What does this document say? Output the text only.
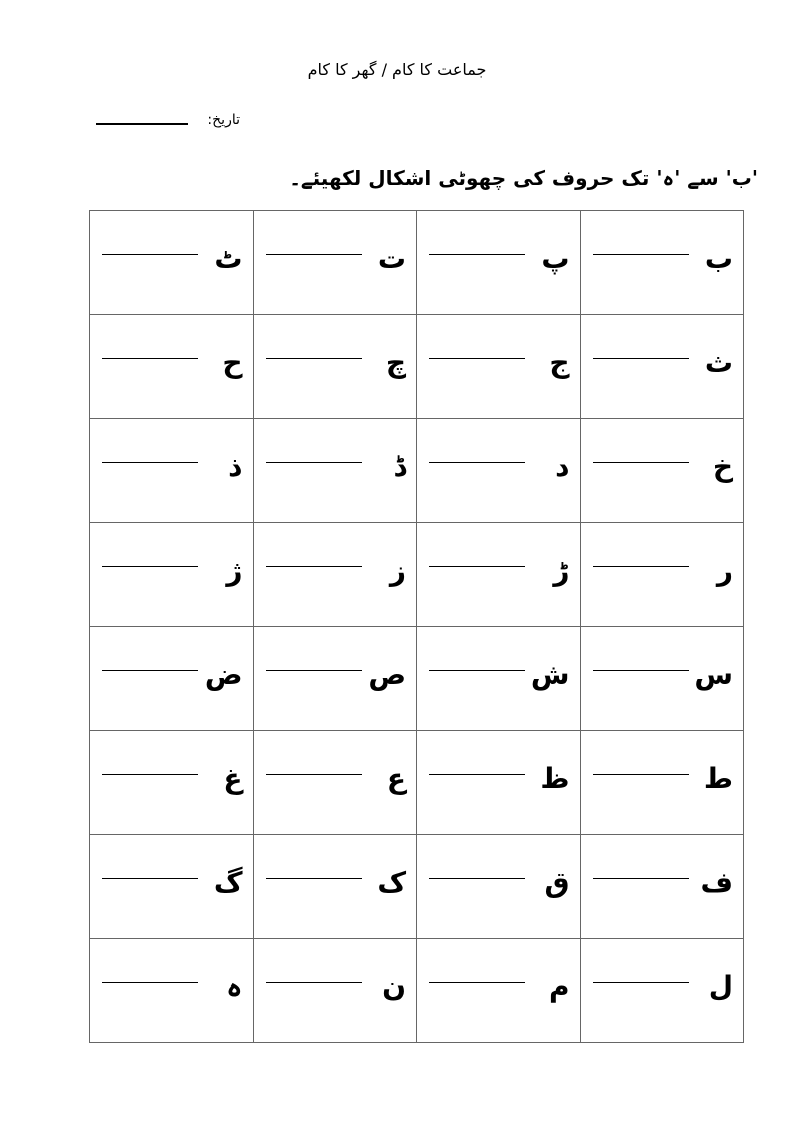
جماعت کا کام / گھر کا کام
تاریخ:
'ب' سے 'ہ' تک حروف کی چھوٹی اشکال لکھیئے۔
ب	پ	ت	ٹ

ث	ج	چ	ح

خ	د	ڈ	ذ

ر	ڑ	ز	ژ

س	ش	ص	ض

ط	ظ	ع	غ

ف	ق	ک	گ

ل	م	ن	ہ
